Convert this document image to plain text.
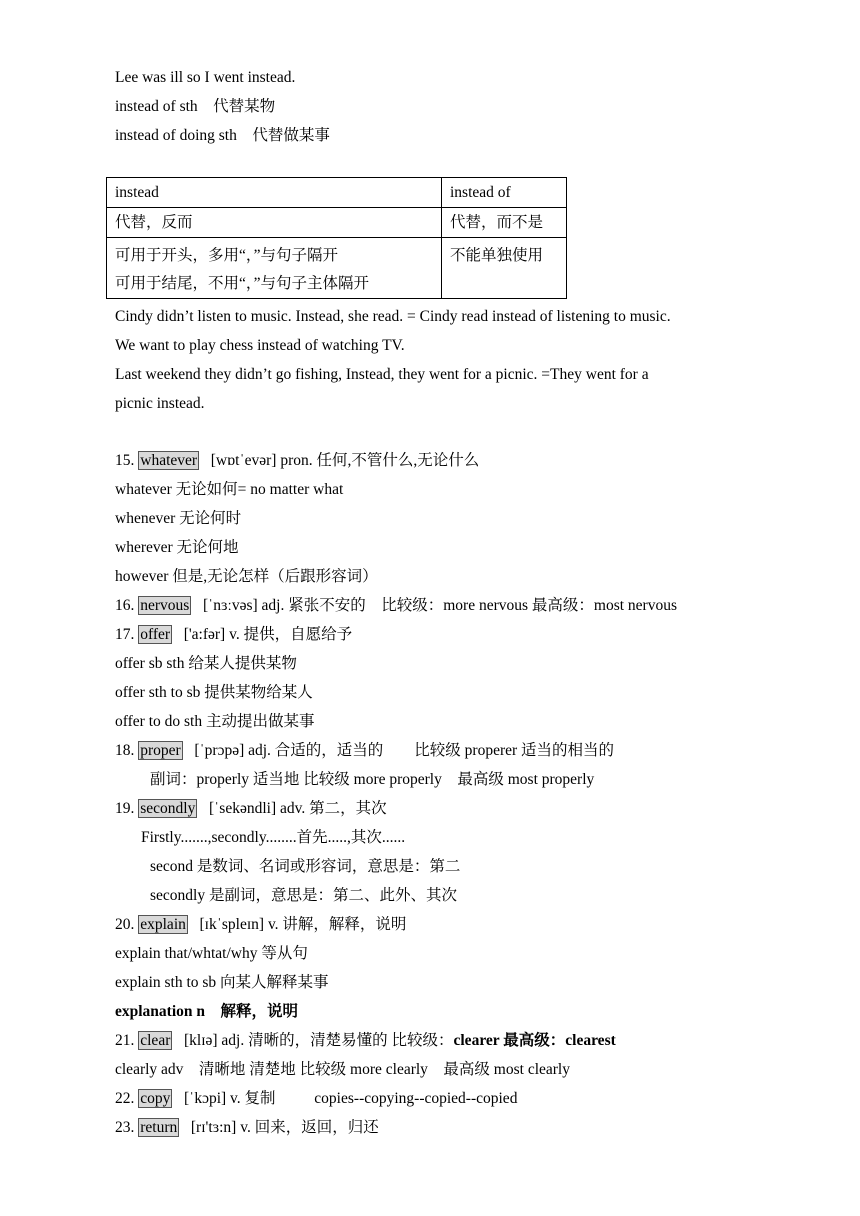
Lee was ill so I went instead.
instead of sth    代替某物
instead of doing sth    代替做某事
instead	instead of
代替，反而	代替，而不是

可用于开头，多用“，”与句子隔开
可用于结尾，不用“，”与句子主体隔开	不能单独使用
Cindy didn’t listen to music. Instead, she read. = Cindy read instead of listening to music.
We want to play chess instead of watching TV.
Last weekend they didn’t go fishing, Instead, they went for a picnic. =They went for a
picnic instead.
15. whatever   [wɒtˈevər] pron. 任何,不管什么,无论什么
whatever 无论如何= no matter what
whenever 无论何时
wherever 无论何地
however 但是,无论怎样（后跟形容词）
16. nervous   [ˈnɜːvəs] adj. 紧张不安的    比较级：more nervous 最高级：most nervous
17. offer   ['a:fər] v. 提供，自愿给予
offer sb sth 给某人提供某物
offer sth to sb 提供某物给某人
offer to do sth 主动提出做某事
18. proper   [ˈprɔpə] adj. 合适的，适当的        比较级 properer 适当的相当的
副词：properly 适当地 比较级 more properly    最高级 most properly
19. secondly   [ˈsekəndli] adv. 第二，其次
Firstly.......,secondly........首先.....,其次......
second 是数词、名词或形容词，意思是：第二
secondly 是副词，意思是：第二、此外、其次
20. explain   [ɪkˈspleɪn] v. 讲解，解释，说明
explain that/whtat/why 等从句
explain sth to sb 向某人解释某事
explanation n    解释，说明
21. clear   [klɪə] adj. 清晰的，清楚易懂的 比较级：clearer 最高级：clearest
clearly adv    清晰地 清楚地 比较级 more clearly    最高级 most clearly
22. copy   [ˈkɔpi] v. 复制          copies--copying--copied--copied
23. return   [rɪ'tɜ:n] v. 回来，返回，归还
